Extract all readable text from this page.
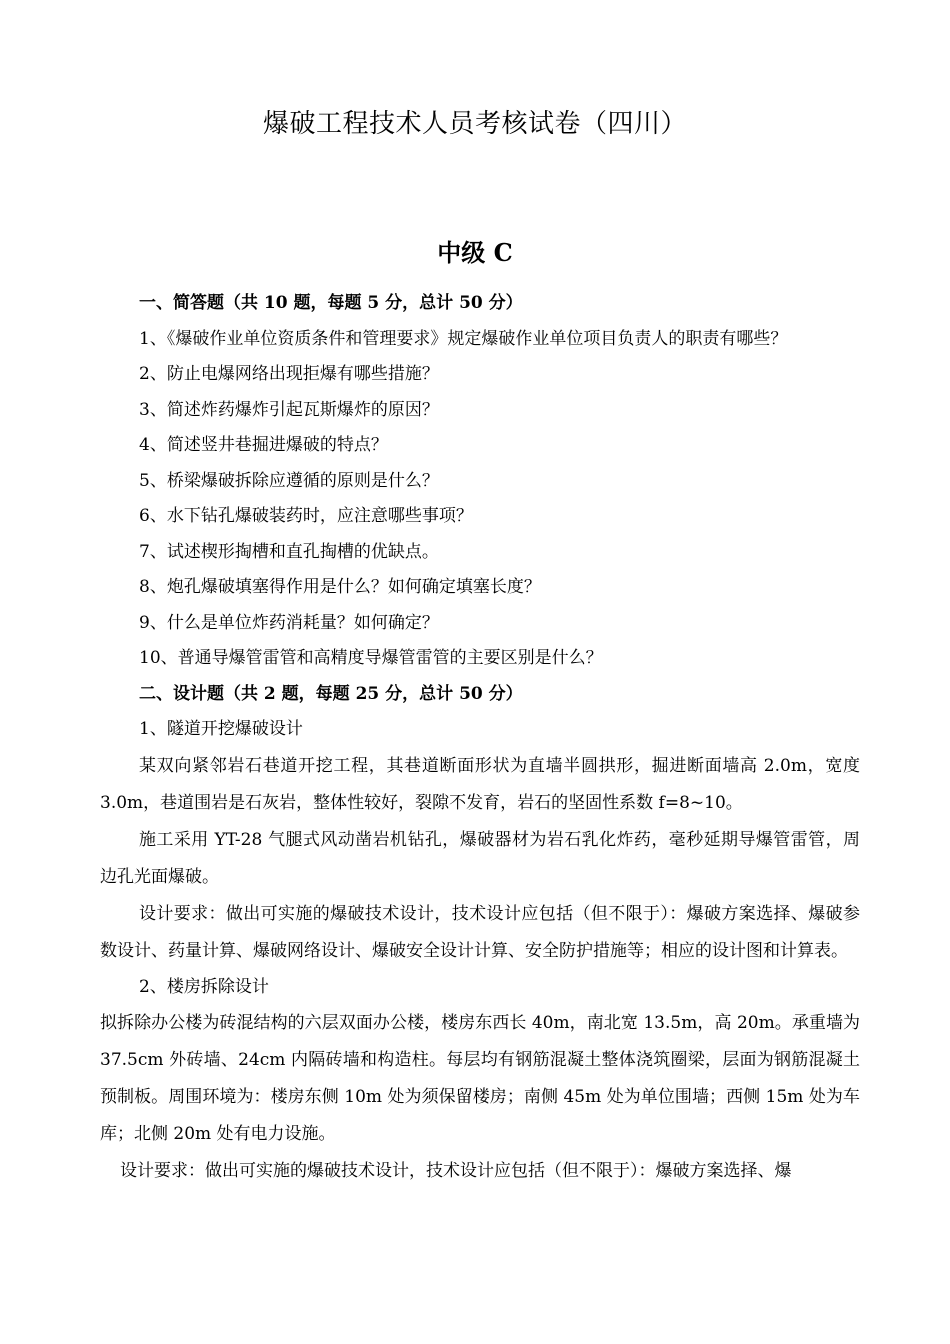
爆破工程技术人员考核试卷（四川）
中级 C
一、简答题（共 10 题，每题 5 分，总计 50 分）
1、《爆破作业单位资质条件和管理要求》规定爆破作业单位项目负责人的职责有哪些？
2、防止电爆网络出现拒爆有哪些措施？
3、简述炸药爆炸引起瓦斯爆炸的原因？
4、简述竖井巷掘进爆破的特点？
5、桥梁爆破拆除应遵循的原则是什么？
6、水下钻孔爆破装药时，应注意哪些事项？
7、试述楔形掏槽和直孔掏槽的优缺点。
8、炮孔爆破填塞得作用是什么？如何确定填塞长度？
9、什么是单位炸药消耗量？如何确定？
10、普通导爆管雷管和高精度导爆管雷管的主要区别是什么？
二、设计题（共 2 题，每题 25 分，总计 50 分）
1、隧道开挖爆破设计
某双向紧邻岩石巷道开挖工程，其巷道断面形状为直墙半圆拱形，掘进断面墙高 2.0m，宽度 3.0m，巷道围岩是石灰岩，整体性较好，裂隙不发育，岩石的坚固性系数 f=8~10。
施工采用 YT-28 气腿式风动凿岩机钻孔，爆破器材为岩石乳化炸药，毫秒延期导爆管雷管，周边孔光面爆破。
设计要求：做出可实施的爆破技术设计，技术设计应包括（但不限于）：爆破方案选择、爆破参数设计、药量计算、爆破网络设计、爆破安全设计计算、安全防护措施等；相应的设计图和计算表。
2、楼房拆除设计
拟拆除办公楼为砖混结构的六层双面办公楼，楼房东西长 40m，南北宽 13.5m，高 20m。承重墙为 37.5cm 外砖墙、24cm 内隔砖墙和构造柱。每层均有钢筋混凝土整体浇筑圈梁，层面为钢筋混凝土预制板。周围环境为：楼房东侧 10m 处为须保留楼房；南侧 45m 处为单位围墙；西侧 15m 处为车库；北侧 20m 处有电力设施。
设计要求：做出可实施的爆破技术设计，技术设计应包括（但不限于）：爆破方案选择、爆
